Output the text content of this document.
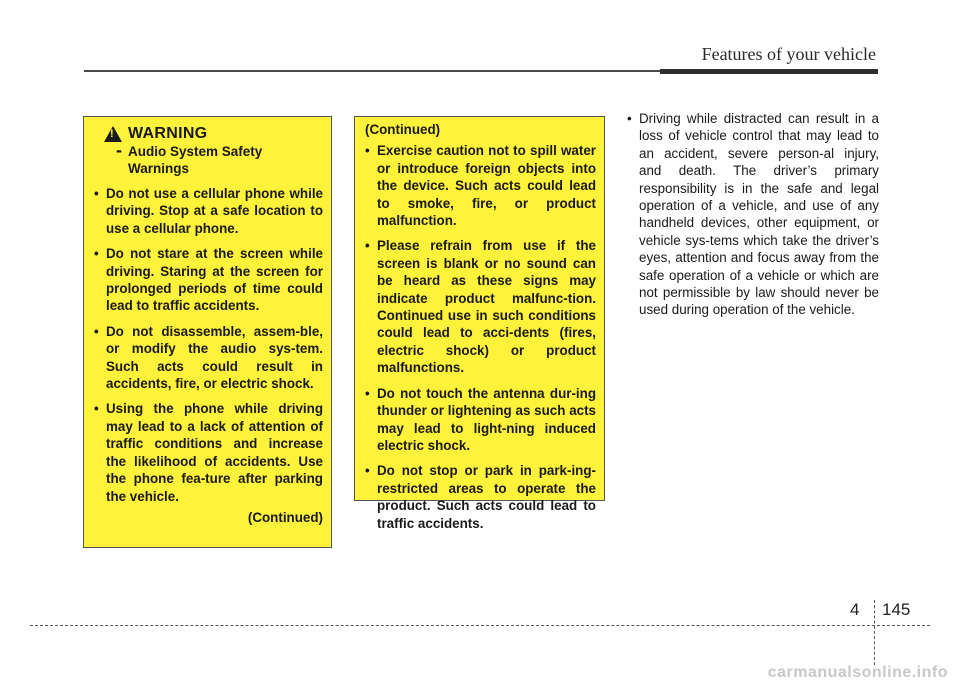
Features of your vehicle
!
WARNING
- Audio System Safety Warnings
• Do not use a cellular phone while driving. Stop at a safe location to use a cellular phone.
• Do not stare at the screen while driving. Staring at the screen for prolonged periods of time could lead to traffic accidents.
• Do not disassemble, assem-ble, or modify the audio sys-tem. Such acts could result in accidents, fire, or electric shock.
• Using the phone while driving may lead to a lack of attention of traffic conditions and increase the likelihood of accidents. Use the phone fea-ture after parking the vehicle.
(Continued)
(Continued)
• Exercise caution not to spill water or introduce foreign objects into the device. Such acts could lead to smoke, fire, or product malfunction.
• Please refrain from use if the screen is blank or no sound can be heard as these signs may indicate product malfunc-tion. Continued use in such conditions could lead to acci-dents (fires, electric shock) or product malfunctions.
• Do not touch the antenna dur-ing thunder or lightening as such acts may lead to light-ning induced electric shock.
• Do not stop or park in park-ing-restricted areas to operate the product. Such acts could lead to traffic accidents.
• Driving while distracted can result in a loss of vehicle control that may lead to an accident, severe person-al injury, and death. The driver’s primary responsibility is in the safe and legal operation of a vehicle, and use of any handheld devices, other equipment, or vehicle sys-tems which take the driver’s eyes, attention and focus away from the safe operation of a vehicle or which are not permissible by law should never be used during operation of the vehicle.
4 145
carmanualsonline.info
